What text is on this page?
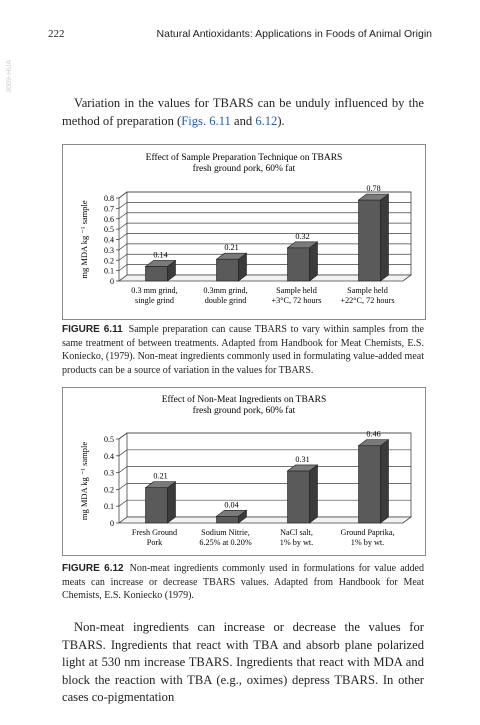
222	Natural Antioxidants: Applications in Foods of Animal Origin
3069-HUA
Variation in the values for TBARS can be unduly influenced by the method of preparation (Figs. 6.11 and 6.12).
Effect of Sample Preparation Technique on TBARS
fresh ground pork, 60% fat
0
0.1
0.2
0.3
0.4
0.5
0.6
0.7
0.8
mg MDA kg ⁻¹ sample	0.14
0.3 mm grind,
single grind
0.21
0.3mm grind,
double grind
0.32
Sample held
+3°C, 72 hours
0.78
Sample held
+22°C, 72 hours
FIGURE 6.11 Sample preparation can cause TBARS to vary within samples from the same treatment of between treatments. Adapted from Handbook for Meat Chemists, E.S. Koniecko, (1979). Non-meat ingredients commonly used in formulating value-added meat products can be a source of variation in the values for TBARS.
Effect of Non-Meat Ingredients on TBARS
fresh ground pork, 60% fat
0
0.1
0.2
0.3
0.4
0.5
mg MDA kg ⁻¹ sample	0.21
Fresh Ground
Pork
0.04
Sodium Nitrie,
6.25% at 0.20%
0.31
NaCl salt,
1% by wt.
0.46
Ground Paprika,
1% by wt.
FIGURE 6.12 Non-meat ingredients commonly used in formulations for value added meats can increase or decrease TBARS values. Adapted from Handbook for Meat Chemists, E.S. Koniecko (1979).
Non-meat ingredients can increase or decrease the values for TBARS. Ingredients that react with TBA and absorb plane polarized light at 530 nm increase TBARS. Ingredients that react with MDA and block the reaction with TBA (e.g., oximes) depress TBARS. In other cases co-pigmentation
